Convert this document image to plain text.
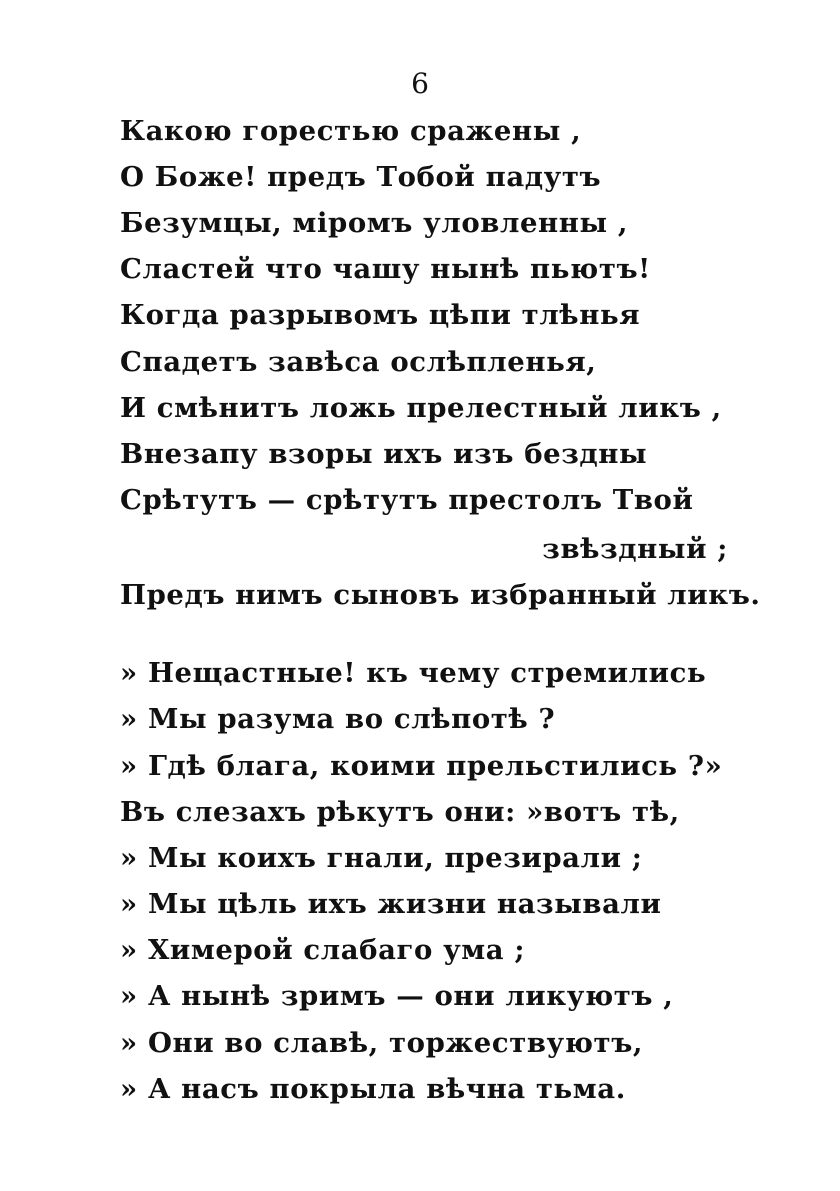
6
Какою горестью сражены ,
О Боже! предъ Тобой падутъ
Безумцы, міромъ уловленны ,
Сластей что чашу нынѣ пьютъ!
Когда разрывомъ цѣпи тлѣнья
Спадетъ завѣса ослѣпленья,
И смѣнитъ ложь прелестный ликъ ,
Внезапу взоры ихъ изъ бездны
Срѣтутъ — срѣтутъ престолъ Твой
звѣздный ;
Предъ нимъ сыновъ избранный ликъ.
» Нещастные! къ чему стремились
» Мы разума во слѣпотѣ ?
» Гдѣ блага, коими прельстились ?»
Въ слезахъ рѣкутъ они: »вотъ тѣ,
» Мы коихъ гнали, презирали ;
» Мы цѣль ихъ жизни называли
» Химерой слабаго ума ;
» А нынѣ зримъ — они ликуютъ ,
» Они во славѣ, торжествуютъ,
» А насъ покрыла вѣчна тьма.
